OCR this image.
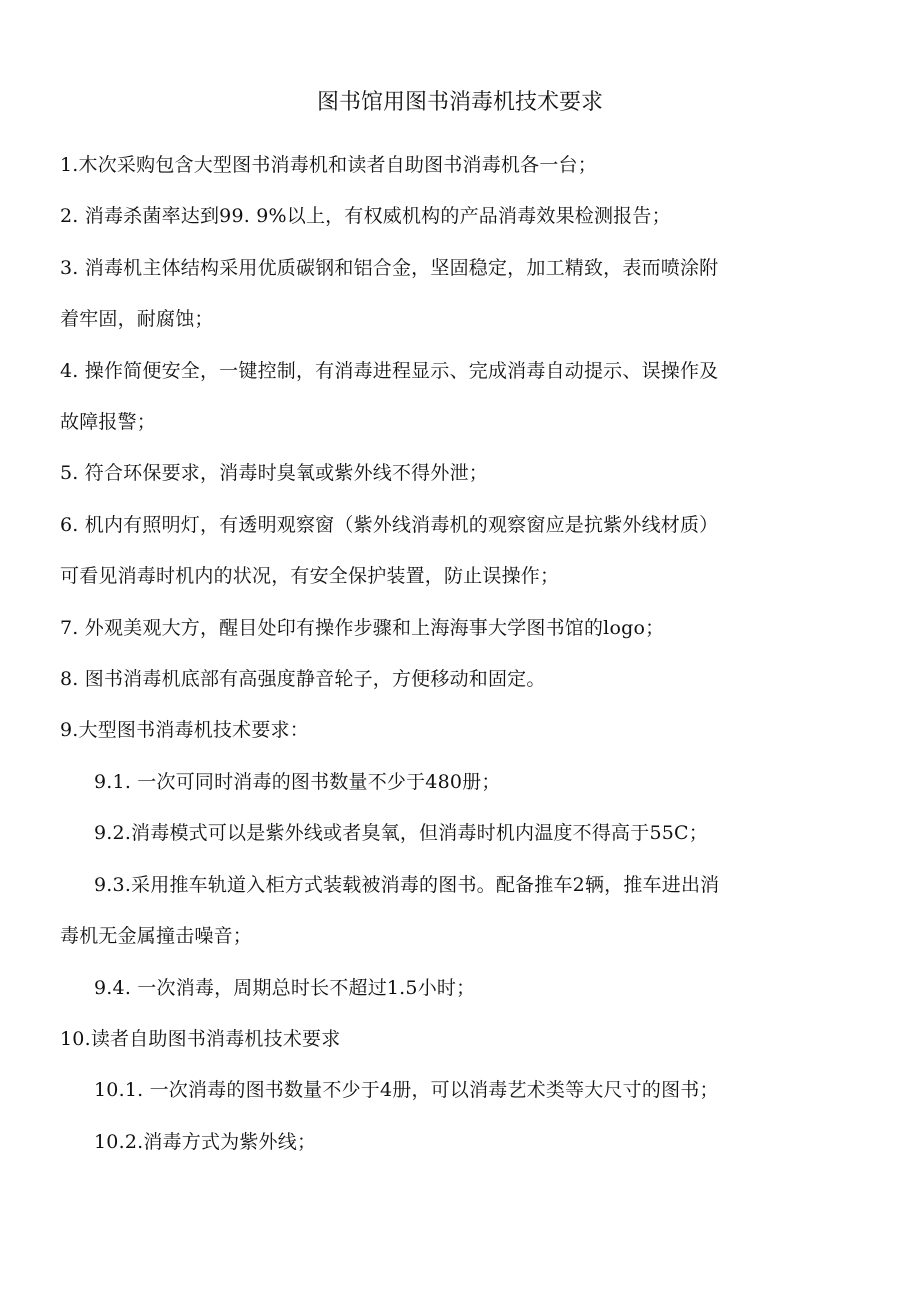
图书馆用图书消毒机技术要求
1.木次采购包含大型图书消毒机和读者自助图书消毒机各一台；
2. 消毒杀菌率达到99. 9%以上，有权威机构的产品消毒效果检测报告；
3. 消毒机主体结构采用优质碳钢和铝合金，坚固稳定，加工精致，表而喷涂附
着牢固，耐腐蚀；
4. 操作简便安全，一键控制，有消毒进程显示、完成消毒自动提示、误操作及
故障报警；
5. 符合环保要求，消毒时臭氧或紫外线不得外泄；
6. 机内有照明灯，有透明观察窗（紫外线消毒机的观察窗应是抗紫外线材质）
可看见消毒时机内的状况，有安全保护装置，防止误操作；
7. 外观美观大方，醒目处印有操作步骤和上海海事大学图书馆的logo；
8. 图书消毒机底部有高强度静音轮子，方便移动和固定。
9.大型图书消毒机技术要求：
9.1. 一次可同时消毒的图书数量不少于480册；
9.2.消毒模式可以是紫外线或者臭氧，但消毒时机内温度不得高于55C；
9.3.采用推车轨道入柜方式装载被消毒的图书。配备推车2辆，推车进出消
毒机无金属撞击噪音；
9.4. 一次消毒，周期总时长不超过1.5小时；
10.读者自助图书消毒机技术要求
10.1. 一次消毒的图书数量不少于4册，可以消毒艺术类等大尺寸的图书；
10.2.消毒方式为紫外线；
